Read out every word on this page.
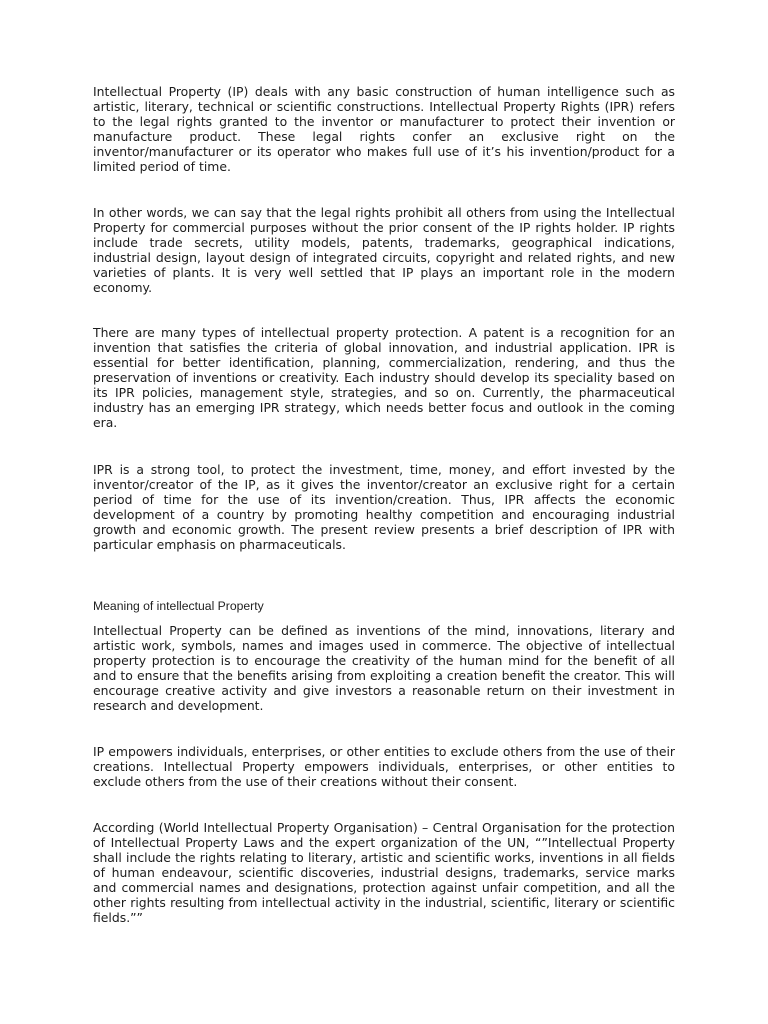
Intellectual Property (IP) deals with any basic construction of human intelligence such as artistic, literary, technical or scientific constructions. Intellectual Property Rights (IPR) refers to the legal rights granted to the inventor or manufacturer to protect their invention or manufacture product. These legal rights confer an exclusive right on the inventor/manufacturer or its operator who makes full use of it’s his invention/product for a limited period of time.

In other words, we can say that the legal rights prohibit all others from using the Intellectual Property for commercial purposes without the prior consent of the IP rights holder. IP rights include trade secrets, utility models, patents, trademarks, geographical indications, industrial design, layout design of integrated circuits, copyright and related rights, and new varieties of plants. It is very well settled that IP plays an important role in the modern economy.

There are many types of intellectual property protection. A patent is a recognition for an invention that satisfies the criteria of global innovation, and industrial application. IPR is essential for better identification, planning, commercialization, rendering, and thus the preservation of inventions or creativity. Each industry should develop its speciality based on its IPR policies, management style, strategies, and so on. Currently, the pharmaceutical industry has an emerging IPR strategy, which needs better focus and outlook in the coming era.

IPR is a strong tool, to protect the investment, time, money, and effort invested by the inventor/creator of the IP, as it gives the inventor/creator an exclusive right for a certain period of time for the use of its invention/creation. Thus, IPR affects the economic development of a country by promoting healthy competition and encouraging industrial growth and economic growth. The present review presents a brief description of IPR with particular emphasis on pharmaceuticals.

Meaning of intellectual Property

Intellectual Property can be defined as inventions of the mind, innovations, literary and artistic work, symbols, names and images used in commerce. The objective of intellectual property protection is to encourage the creativity of the human mind for the benefit of all and to ensure that the benefits arising from exploiting a creation benefit the creator. This will encourage creative activity and give investors a reasonable return on their investment in research and development.

IP empowers individuals, enterprises, or other entities to exclude others from the use of their creations. Intellectual Property empowers individuals, enterprises, or other entities to exclude others from the use of their creations without their consent.

According (World Intellectual Property Organisation) – Central Organisation for the protection of Intellectual Property Laws and the expert organization of the UN, “”Intellectual Property shall include the rights relating to literary, artistic and scientific works, inventions in all fields of human endeavour, scientific discoveries, industrial designs, trademarks, service marks and commercial names and designations, protection against unfair competition, and all the other rights resulting from intellectual activity in the industrial, scientific, literary or scientific fields.””
